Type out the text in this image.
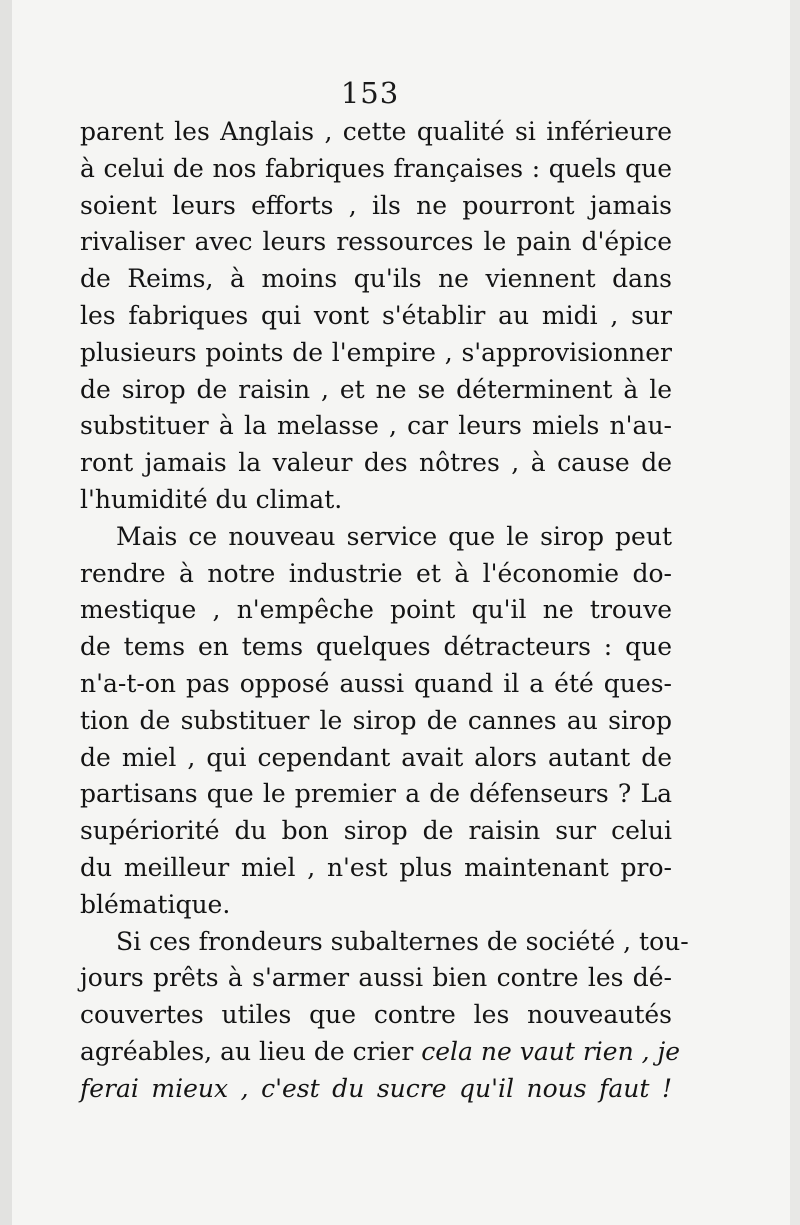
153
parent les Anglais , cette qualité si inférieure
à celui de nos fabriques françaises : quels que
soient leurs efforts , ils ne pourront jamais
rivaliser avec leurs ressources le pain d'épice
de Reims, à moins qu'ils ne viennent dans
les fabriques qui vont s'établir au midi , sur
plusieurs points de l'empire , s'approvisionner
de sirop de raisin , et ne se déterminent à le
substituer à la melasse , car leurs miels n'au-
ront jamais la valeur des nôtres , à cause de
l'humidité du climat.
Mais ce nouveau service que le sirop peut
rendre à notre industrie et à l'économie do-
mestique , n'empêche point qu'il ne trouve
de tems en tems quelques détracteurs : que
n'a-t-on pas opposé aussi quand il a été ques-
tion de substituer le sirop de cannes au sirop
de miel , qui cependant avait alors autant de
partisans que le premier a de défenseurs ? La
supériorité du bon sirop de raisin sur celui
du meilleur miel , n'est plus maintenant pro-
blématique.
Si ces frondeurs subalternes de société , tou-
jours prêts à s'armer aussi bien contre les dé-
couvertes utiles que contre les nouveautés
agréables, au lieu de crier cela ne vaut rien , je
ferai mieux , c'est du sucre qu'il nous faut !
